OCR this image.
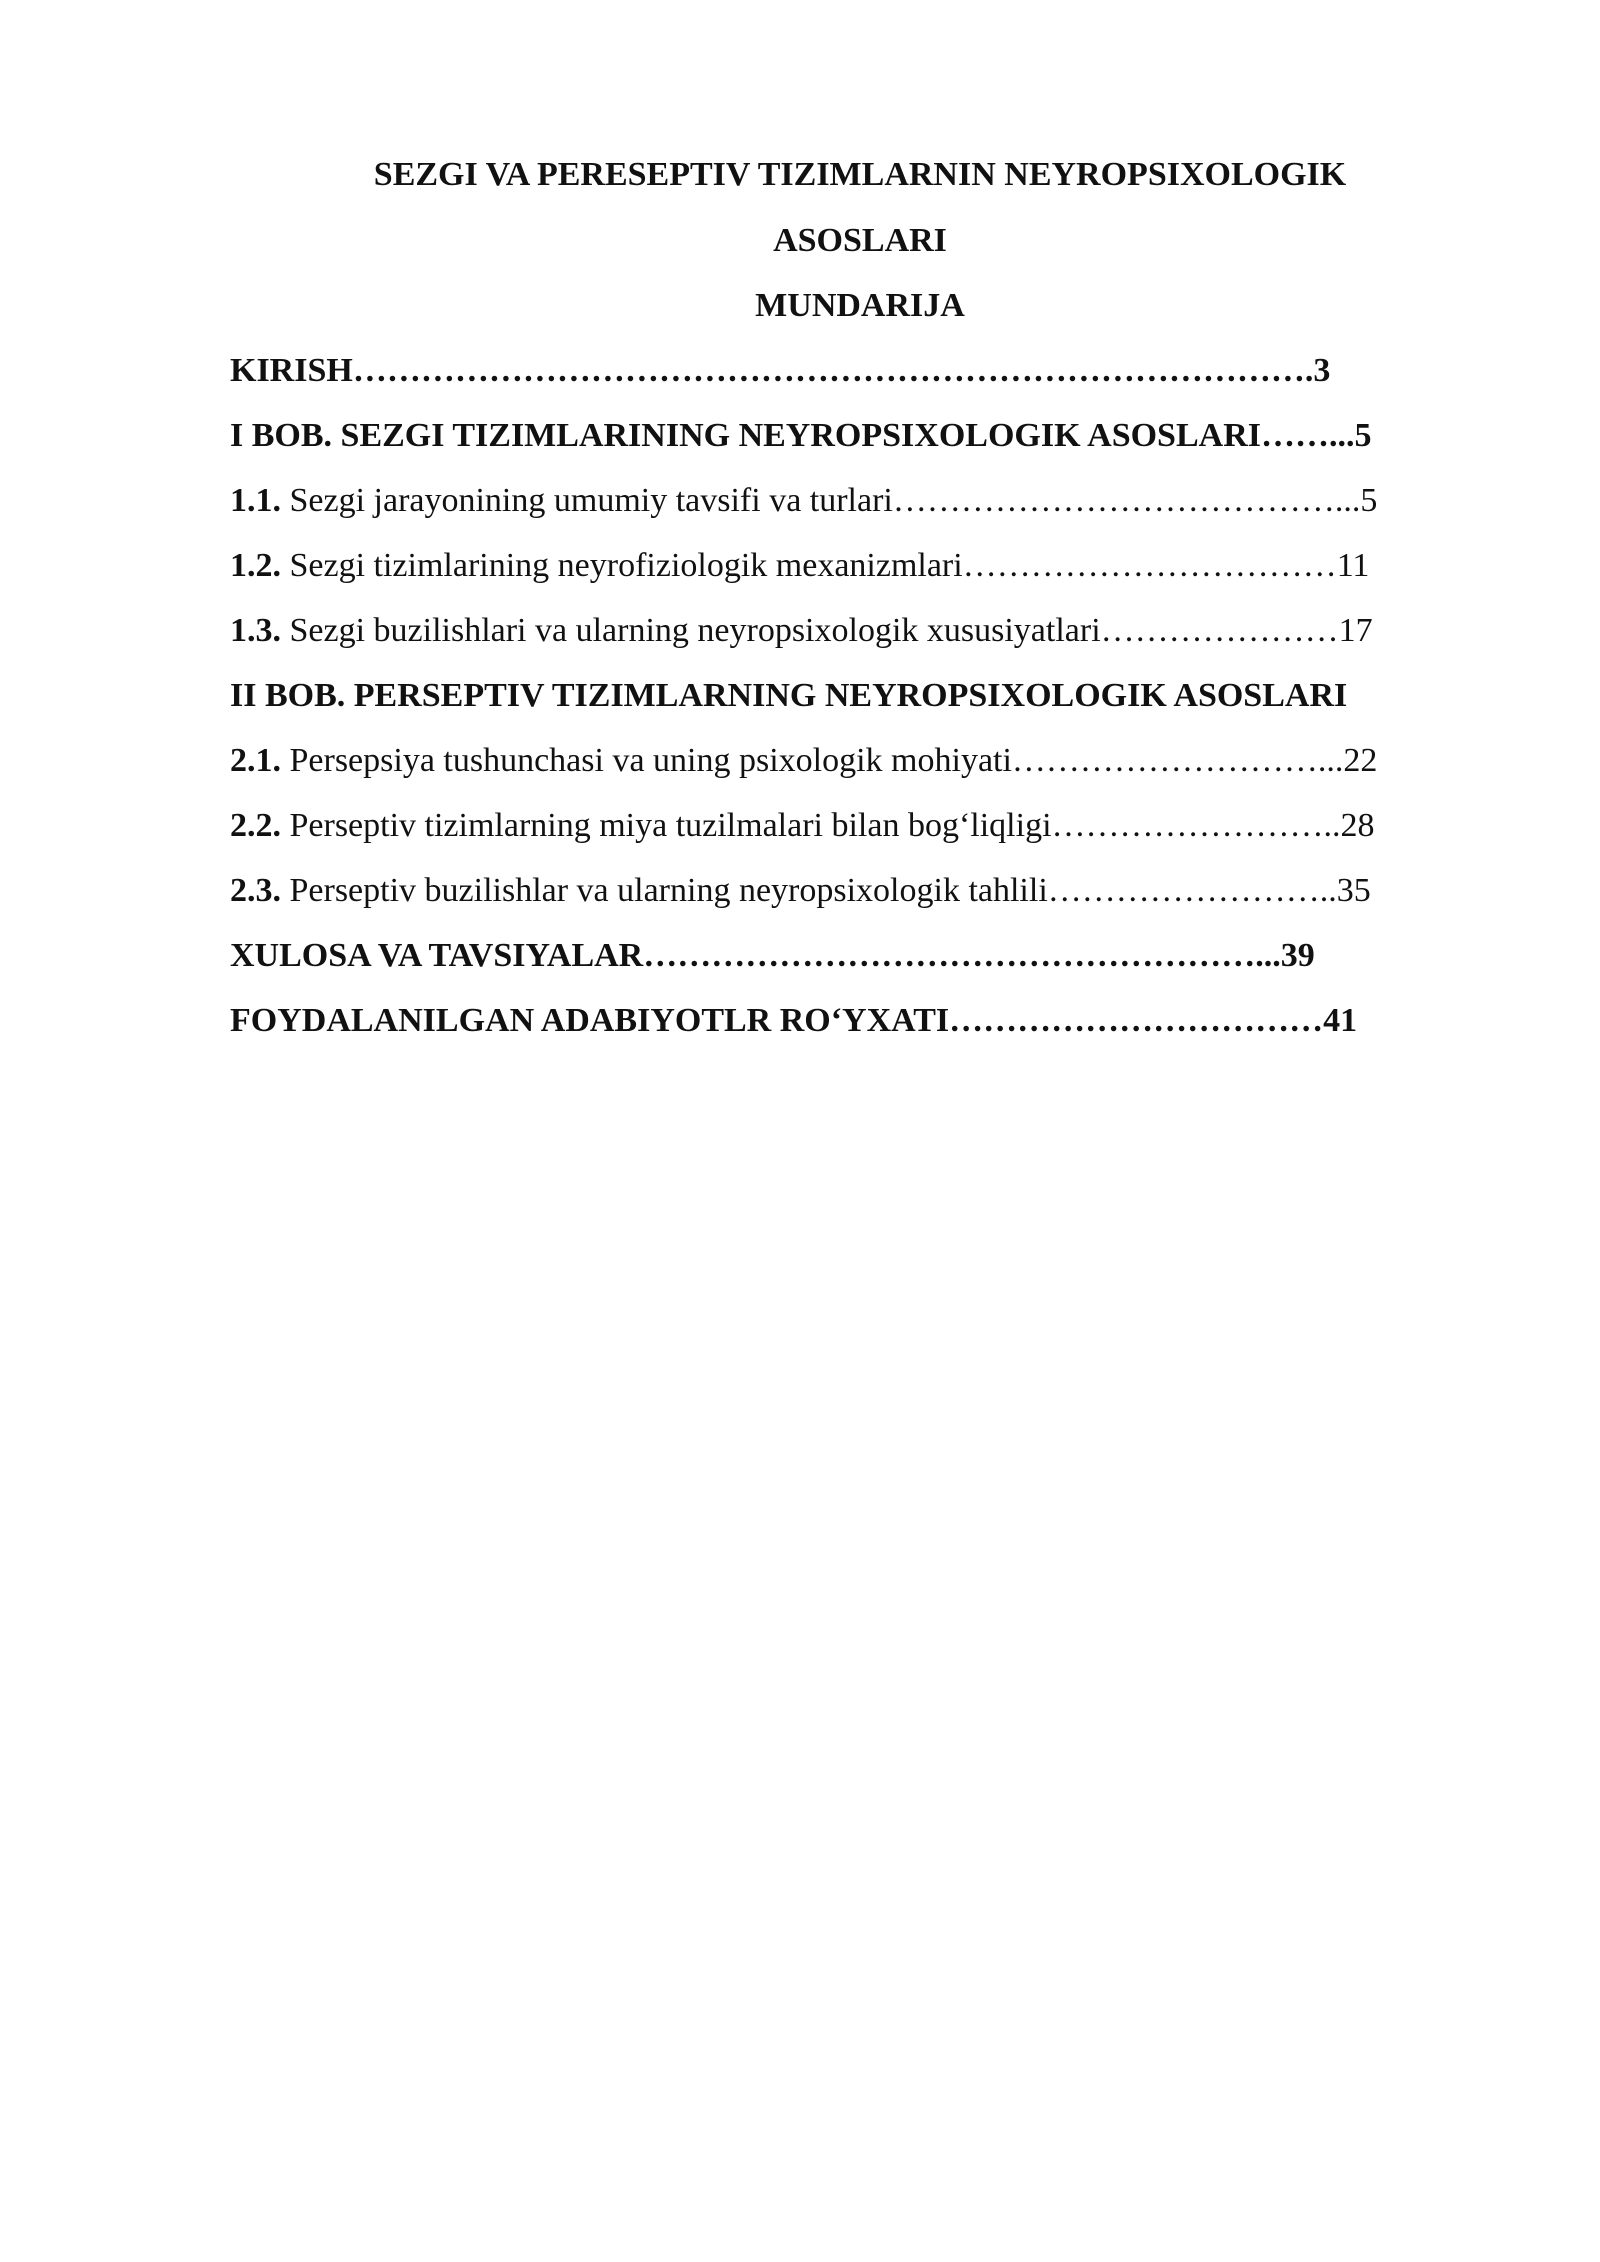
SEZGI VA PERESEPTIV TIZIMLARNIN NEYROPSIXOLOGIK
ASOSLARI
MUNDARIJA
KIRISH………………………………………………………………………….3
I BOB. SEZGI TIZIMLARINING NEYROPSIXOLOGIK ASOSLARI……...5
1.1. Sezgi jarayonining umumiy tavsifi va turlari…………………………………...5
1.2. Sezgi tizimlarining neyrofiziologik mexanizmlari……………………………11
1.3. Sezgi buzilishlari va ularning neyropsixologik xususiyatlari…………………17
II BOB. PERSEPTIV TIZIMLARNING NEYROPSIXOLOGIK ASOSLARI
2.1. Persepsiya tushunchasi va uning psixologik mohiyati………………………...22
2.2. Perseptiv tizimlarning miya tuzilmalari bilan bog‘liqligi……………………..28
2.3. Perseptiv buzilishlar va ularning neyropsixologik tahlili……………………..35
XULOSA VA TAVSIYALAR………………………………………………...39
FOYDALANILGAN ADABIYOTLR RO‘YXATI……………………………41
